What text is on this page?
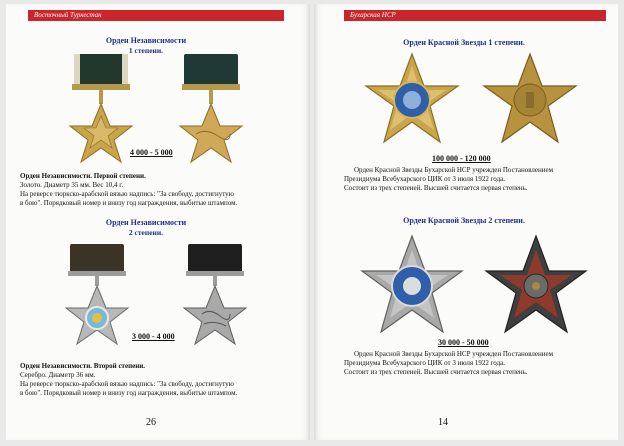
Восточный Туркестан
Орден Независимости
1 степени.
4 000 - 5 000
Орден Независимости. Первой степени.
Золото. Диаметр 35 мм. Вес 10,4 г.
На реверсе тюркско-арабской вязью надпись: "За свободу, достигнутую
в бою". Порядковый номер и внизу год награждения, выбитые штампом.
Орден Независимости
2 степени.
3 000 - 4 000
Орден Независимости. Второй степени.
Серебро. Диаметр 36 мм.
На реверсе тюркско-арабской вязью надпись: "За свободу, достигнутую
в бою". Порядковый номер и внизу год награждения, выбитые штампом.
26
Бухарская НСР
Орден Красной Звезды 1 степени.
100 000 - 120 000
Орден Красной Звезды Бухарской НСР учрежден Постановлением
Президиума Всебухарского ЦИК от 3 июля 1922 года.
Состоит из трех степеней. Высшей считается первая степень.
Орден Красной Звезды 2 степени.
30 000 - 50 000
Орден Красной Звезды Бухарской НСР учрежден Постановлением
Президиума Всебухарского ЦИК от 3 июля 1922 года.
Состоит из трех степеней. Высшей считается первая степень.
14
